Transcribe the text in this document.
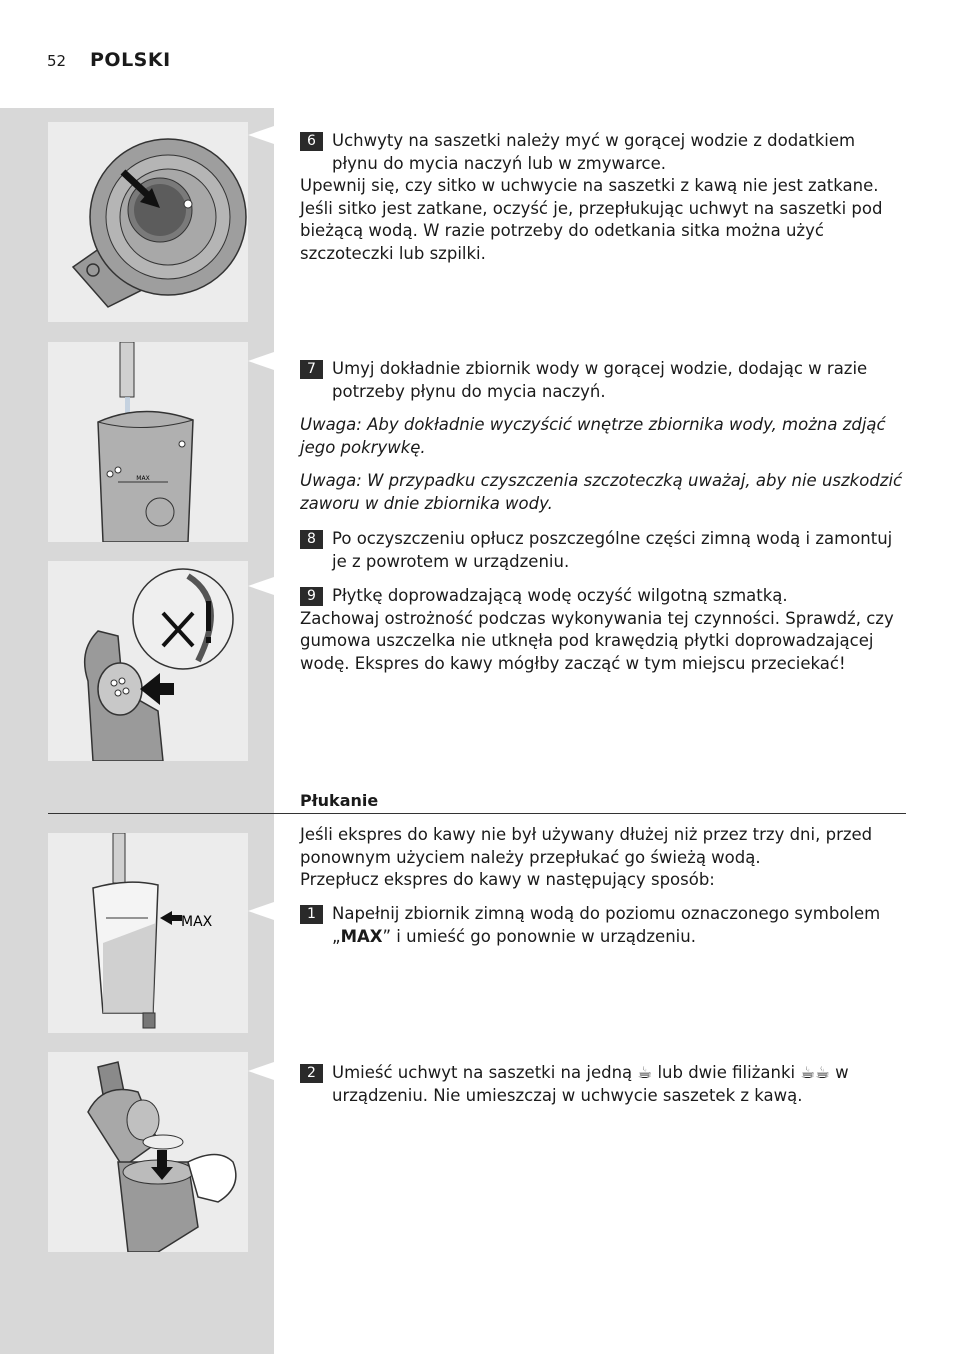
52 POLSKI
MAX
Płukanie
MAX
6 Uchwyty na saszetki należy myć w gorącej wodzie z dodatkiem płynu do mycia naczyń lub w zmywarce.

Upewnij się, czy sitko w uchwycie na saszetki z kawą nie jest zatkane. Jeśli sitko jest zatkane, oczyść je, przepłukując uchwyt na saszetki pod bieżącą wodą. W razie potrzeby do odetkania sitka można użyć szczoteczki lub szpilki.

7 Umyj dokładnie zbiornik wody w gorącej wodzie, dodając w razie potrzeby płynu do mycia naczyń.

Uwaga: Aby dokładnie wyczyścić wnętrze zbiornika wody, można zdjąć jego pokrywkę.

Uwaga: W przypadku czyszczenia szczoteczką uważaj, aby nie uszkodzić zaworu w dnie zbiornika wody.

8 Po oczyszczeniu opłucz poszczególne części zimną wodą i zamontuj je z powrotem w urządzeniu.

9 Płytkę doprowadzającą wodę oczyść wilgotną szmatką.

Zachowaj ostrożność podczas wykonywania tej czynności. Sprawdź, czy gumowa uszczelka nie utknęła pod krawędzią płytki doprowadzającej wodę. Ekspres do kawy mógłby zacząć w tym miejscu przeciekać!

Jeśli ekspres do kawy nie był używany dłużej niż przez trzy dni, przed ponownym użyciem należy przepłukać go świeżą wodą.

Przepłucz ekspres do kawy w następujący sposób:

1 Napełnij zbiornik zimną wodą do poziomu oznaczonego symbolem „MAX” i umieść go ponownie w urządzeniu.

2 Umieść uchwyt na saszetki na jedną ☕ lub dwie filiżanki ☕☕ w urządzeniu. Nie umieszczaj w uchwycie saszetek z kawą.
